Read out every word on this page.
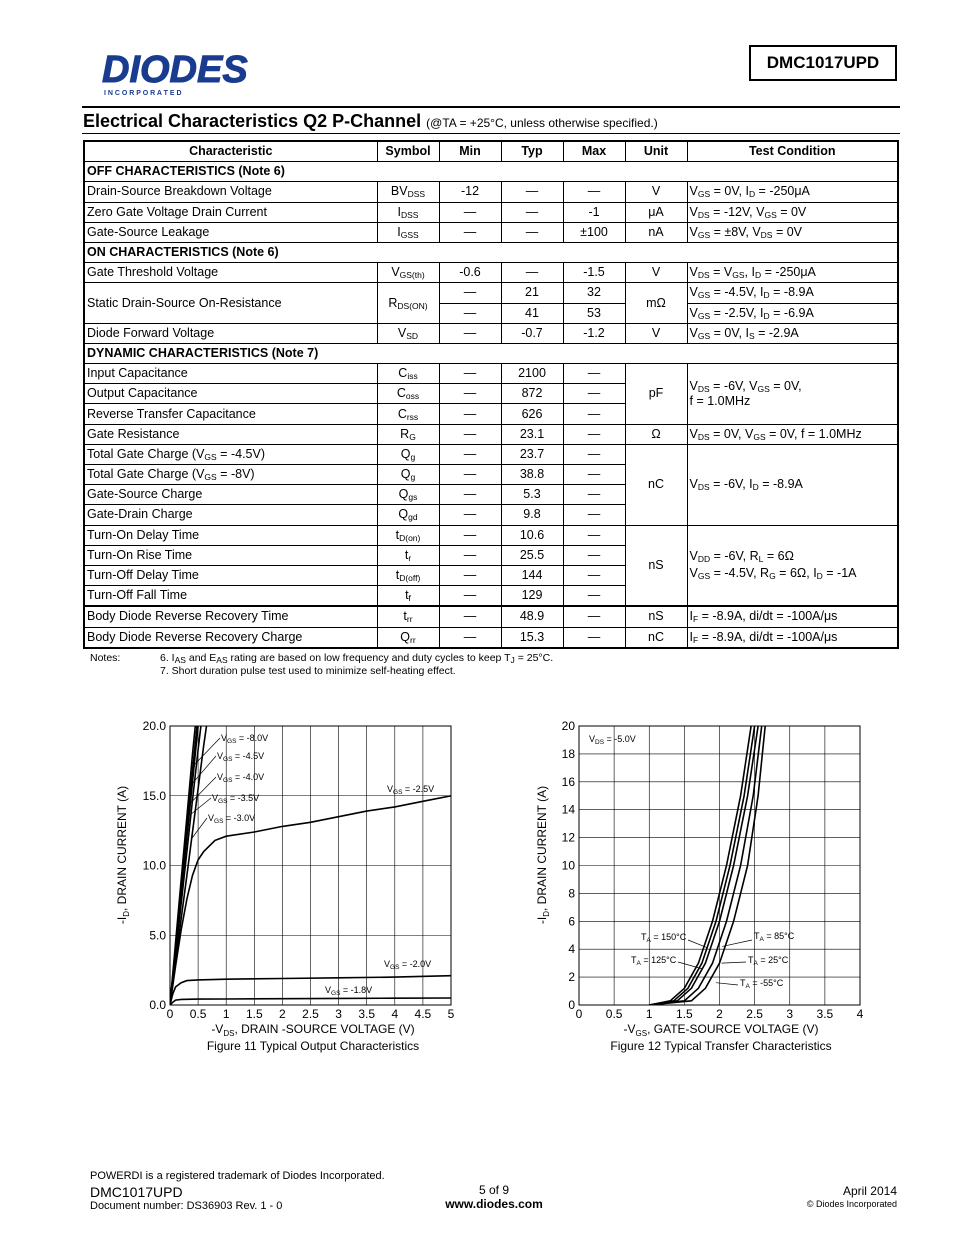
DIODES
I N C O R P O R A T E D
DMC1017UPD
Electrical Characteristics Q2 P-Channel (@TA = +25°C, unless otherwise specified.)
Characteristic	Symbol	Min	Typ	Max	Unit	Test Condition
OFF CHARACTERISTICS (Note 6)						
Drain-Source Breakdown Voltage	$BV_{DSS}$	-12	—	—	V	$V_{GS} = 0V$, $I_D = -250\mu A$
Zero Gate Voltage Drain Current	$I_{DSS}$	—	—	-1	μA	$V_{DS} = -12V$, $V_{GS} = 0V$
Gate-Source Leakage	$I_{GSS}$	—	—	±100	nA	$V_{GS} = \pm 8V$, $V_{DS} = 0V$
ON CHARACTERISTICS (Note 6)						
Gate Threshold Voltage	$V_{GS(th)}$	-0.6	—	-1.5	V	$V_{DS} = V_{GS}$, $I_D = -250\mu A$
Static Drain-Source On-Resistance	$R_{DS(ON)}$	—	21	32	mΩ	$V_{GS} = -4.5V$, $I_D = -8.9A$
		—	41	53		$V_{GS} = -2.5V$, $I_D = -6.9A$
Diode Forward Voltage	$V_{SD}$	—	-0.7	-1.2	V	$V_{GS} = 0V$, $I_S = -2.9A$
DYNAMIC CHARACTERISTICS (Note 7)						
Input Capacitance	$C_{iss}$	—	2100	—	pF	$V_{DS} = -6V$, $V_{GS} = 0V$,
f = 1.0MHz
Output Capacitance	$C_{oss}$	—	872	—		
Reverse Transfer Capacitance	$C_{rss}$	—	626	—		
Gate Resistance	$R_G$	—	23.1	—	Ω	$V_{DS} = 0V$, $V_{GS} = 0V$, f = 1.0MHz
Total Gate Charge $(V_{GS} = -4.5V)$	$Q_g$	—	23.7	—	nC	$V_{DS} = -6V$, $I_D = -8.9A$
Total Gate Charge $(V_{GS} = -8V)$	$Q_g$	—	38.8	—		
Gate-Source Charge	$Q_{gs}$	—	5.3	—		
Gate-Drain Charge	$Q_{gd}$	—	9.8	—		
Turn-On Delay Time	$t_{D(on)}$	—	10.6	—	nS	$V_{DD} = -6V$, $R_L = 6\Omega$
$V_{GS} = -4.5V$, $R_G = 6\Omega$, $I_D = -1A$
Turn-On Rise Time	$t_r$	—	25.5	—		
Turn-Off Delay Time	$t_{D(off)}$	—	144	—		
Turn-Off Fall Time	$t_f$	—	129	—		
Body Diode Reverse Recovery Time	$t_{rr}$	—	48.9	—	nS	$I_F = -8.9A$, di/dt = -100A/μs
Body Diode Reverse Recovery Charge	$Q_{rr}$	—	15.3	—	nC	$I_F = -8.9A$, di/dt = -100A/μs
Notes:	6. $I_{AS}$ and $E_{AS}$ rating are based on low frequency and duty cycles to keep $T_J = 25^\circ C$.
7. Short duration pulse test used to minimize self-heating effect.
$-I_D$, DRAIN CURRENT (A)
$-V_{DS}$, DRAIN -SOURCE VOLTAGE (V)
Figure 11 Typical Output Characteristics
0 0.5 1 1.5 2 2.5 3 3.5 4 4.5 5
0.0
5.0
10.0
15.0
20.0
$V_{GS} = -8.0V$
$V_{GS} = -4.5V$
$V_{GS} = -4.0V$
$V_{GS} = -3.5V$
$V_{GS} = -3.0V$
$V_{GS} = -2.5V$
$V_{GS} = -2.0V$
$V_{GS} = -1.8V$
$-I_D$, DRAIN CURRENT (A)
$-V_{GS}$, GATE-SOURCE VOLTAGE (V)
Figure 12 Typical Transfer Characteristics
0 0.5 1 1.5 2 2.5 3 3.5 4
0
2
4
6
8
10
12
14
16
18
20
$V_{DS} = -5.0V$
$T_A = 150^\circ C$
$T_A = 125^\circ C$
$T_A = 85^\circ C$
$T_A = 25^\circ C$
$T_A = -55^\circ C$
POWERDI is a registered trademark of Diodes Incorporated.
DMC1017UPD
Document number: DS36903 Rev. 1 - 0
5 of 9
www.diodes.com
April 2014
© Diodes Incorporated
